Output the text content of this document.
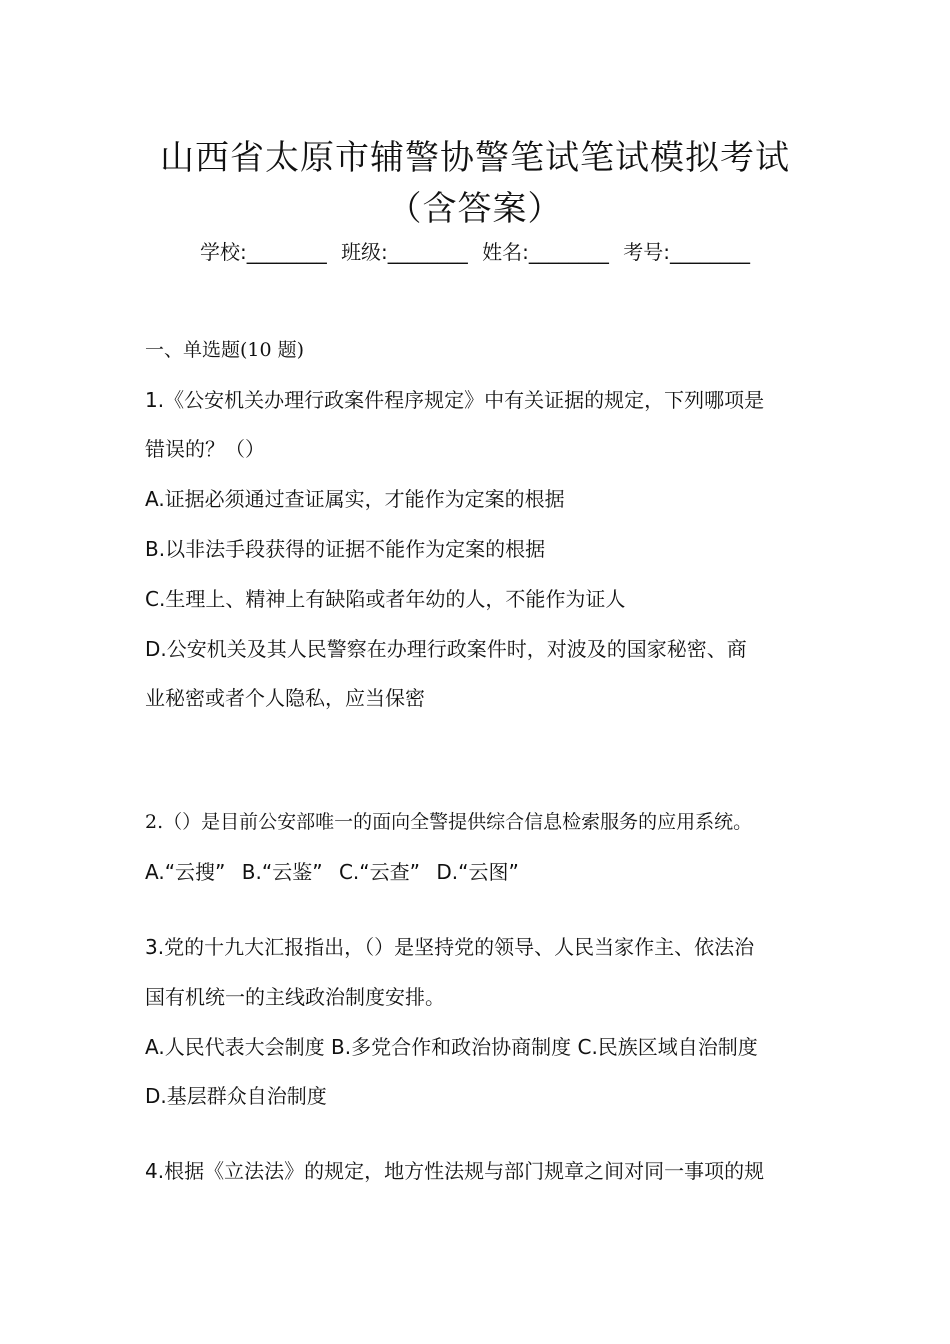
山西省太原市辅警协警笔试笔试模拟考试
（含答案）
学校:________ 班级:________ 姓名:________ 考号:________
一、单选题(10 题)
1.《公安机关办理行政案件程序规定》中有关证据的规定，下列哪项是
错误的？（）
A.证据必须通过查证属实，才能作为定案的根据
B.以非法手段获得的证据不能作为定案的根据
C.生理上、精神上有缺陷或者年幼的人，不能作为证人
D.公安机关及其人民警察在办理行政案件时，对波及的国家秘密、商
业秘密或者个人隐私，应当保密
2.（）是目前公安部唯一的面向全警提供综合信息检索服务的应用系统。
A.“云搜” B.“云鉴” C.“云查” D.“云图”
3.党的十九大汇报指出，（）是坚持党的领导、人民当家作主、依法治
国有机统一的主线政治制度安排。
A.人民代表大会制度 B.多党合作和政治协商制度 C.民族区域自治制度
D.基层群众自治制度
4.根据《立法法》的规定，地方性法规与部门规章之间对同一事项的规
